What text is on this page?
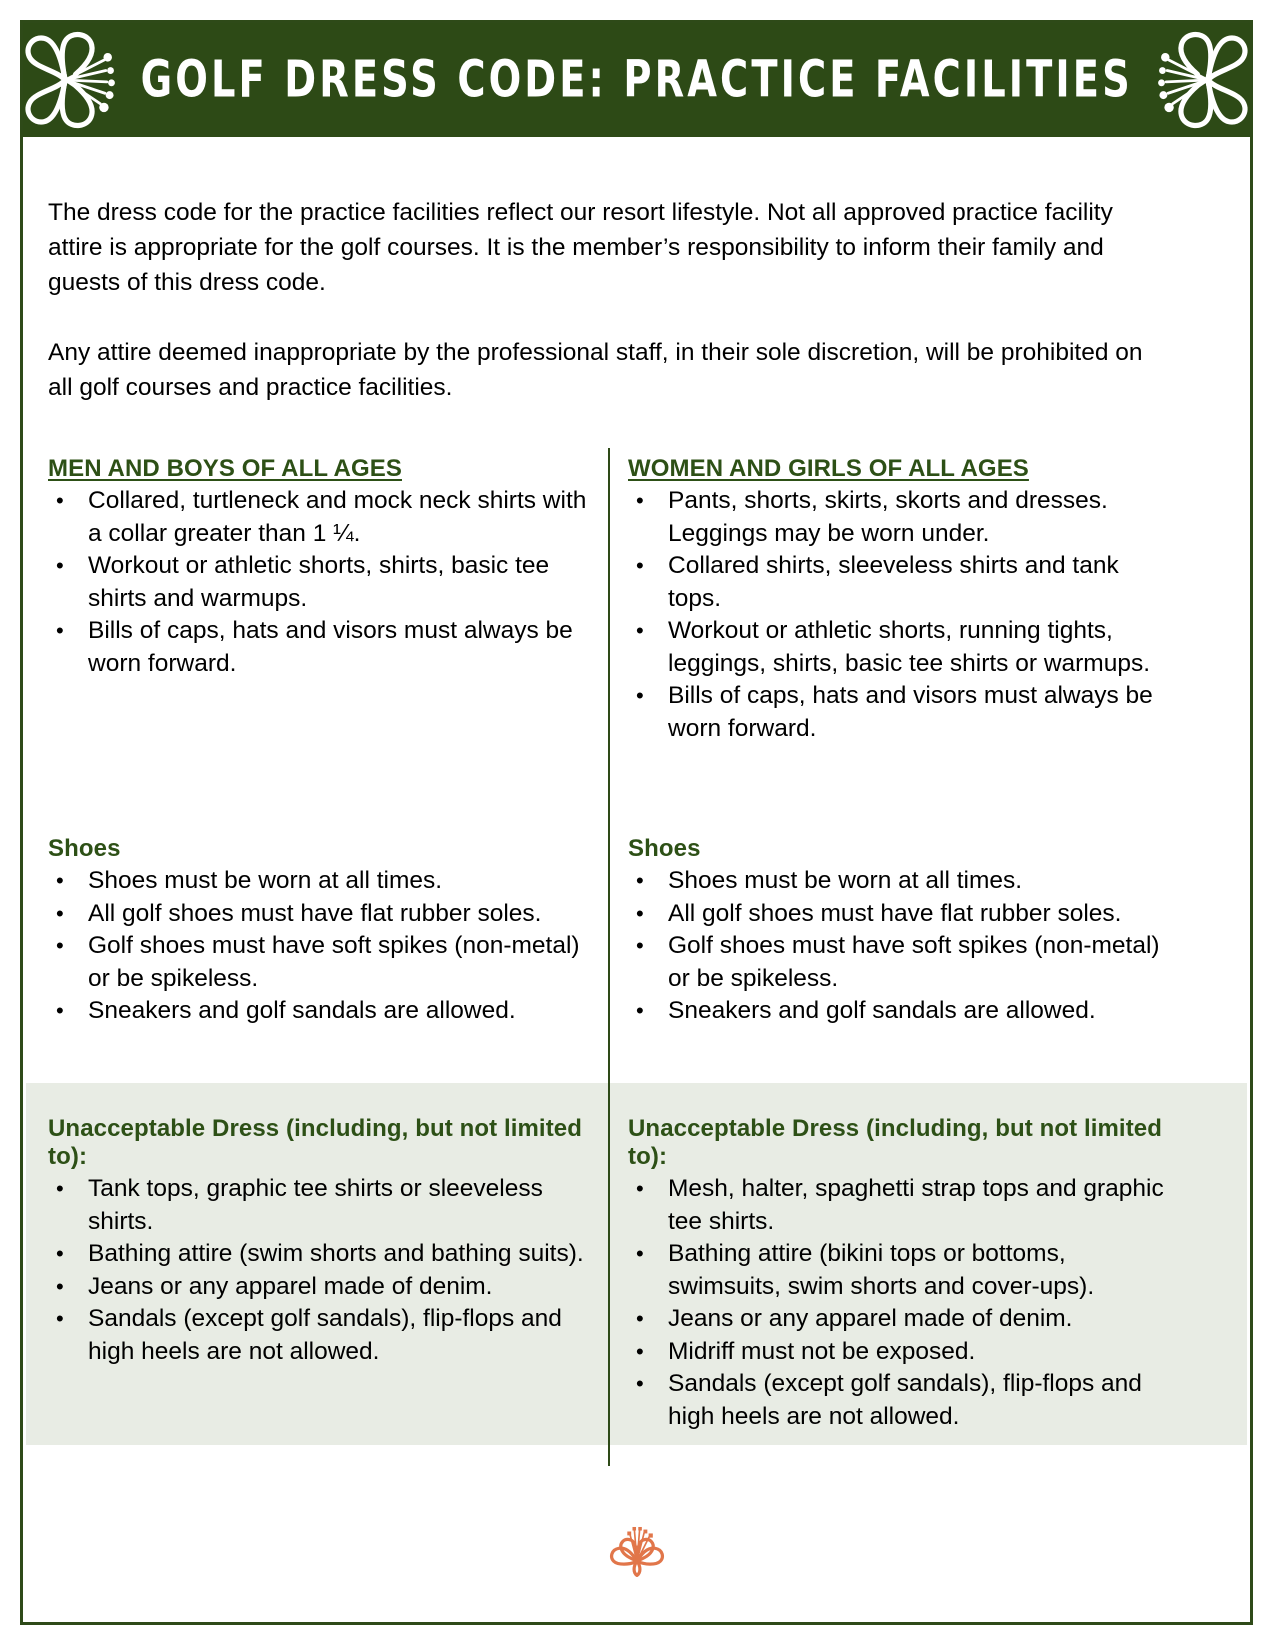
GOLF DRESS CODE: PRACTICE FACILITIES

The dress code for the practice facilities reflect our resort lifestyle. Not all approved practice facility attire is appropriate for the golf courses. It is the member’s responsibility to inform their family and guests of this dress code.

Any attire deemed inappropriate by the professional staff, in their sole discretion, will be prohibited on all golf courses and practice facilities.

MEN AND BOYS OF ALL AGES
• Collared, turtleneck and mock neck shirts with a collar greater than 1 ¼.
• Workout or athletic shorts, shirts, basic tee shirts and warmups.
• Bills of caps, hats and visors must always be worn forward.
Shoes
• Shoes must be worn at all times.
• All golf shoes must have flat rubber soles.
• Golf shoes must have soft spikes (non-metal) or be spikeless.
• Sneakers and golf sandals are allowed.
Unacceptable Dress (including, but not limited to):
• Tank tops, graphic tee shirts or sleeveless shirts.
• Bathing attire (swim shorts and bathing suits).
• Jeans or any apparel made of denim.
• Sandals (except golf sandals), flip-flops and high heels are not allowed.
WOMEN AND GIRLS OF ALL AGES
• Pants, shorts, skirts, skorts and dresses. Leggings may be worn under.
• Collared shirts, sleeveless shirts and tank tops.
• Workout or athletic shorts, running tights, leggings, shirts, basic tee shirts or warmups.
• Bills of caps, hats and visors must always be worn forward.
Shoes
• Shoes must be worn at all times.
• All golf shoes must have flat rubber soles.
• Golf shoes must have soft spikes (non-metal) or be spikeless.
• Sneakers and golf sandals are allowed.
Unacceptable Dress (including, but not limited to):
• Mesh, halter, spaghetti strap tops and graphic tee shirts.
• Bathing attire (bikini tops or bottoms, swimsuits, swim shorts and cover-ups).
• Jeans or any apparel made of denim.
• Midriff must not be exposed.
• Sandals (except golf sandals), flip-flops and high heels are not allowed.
